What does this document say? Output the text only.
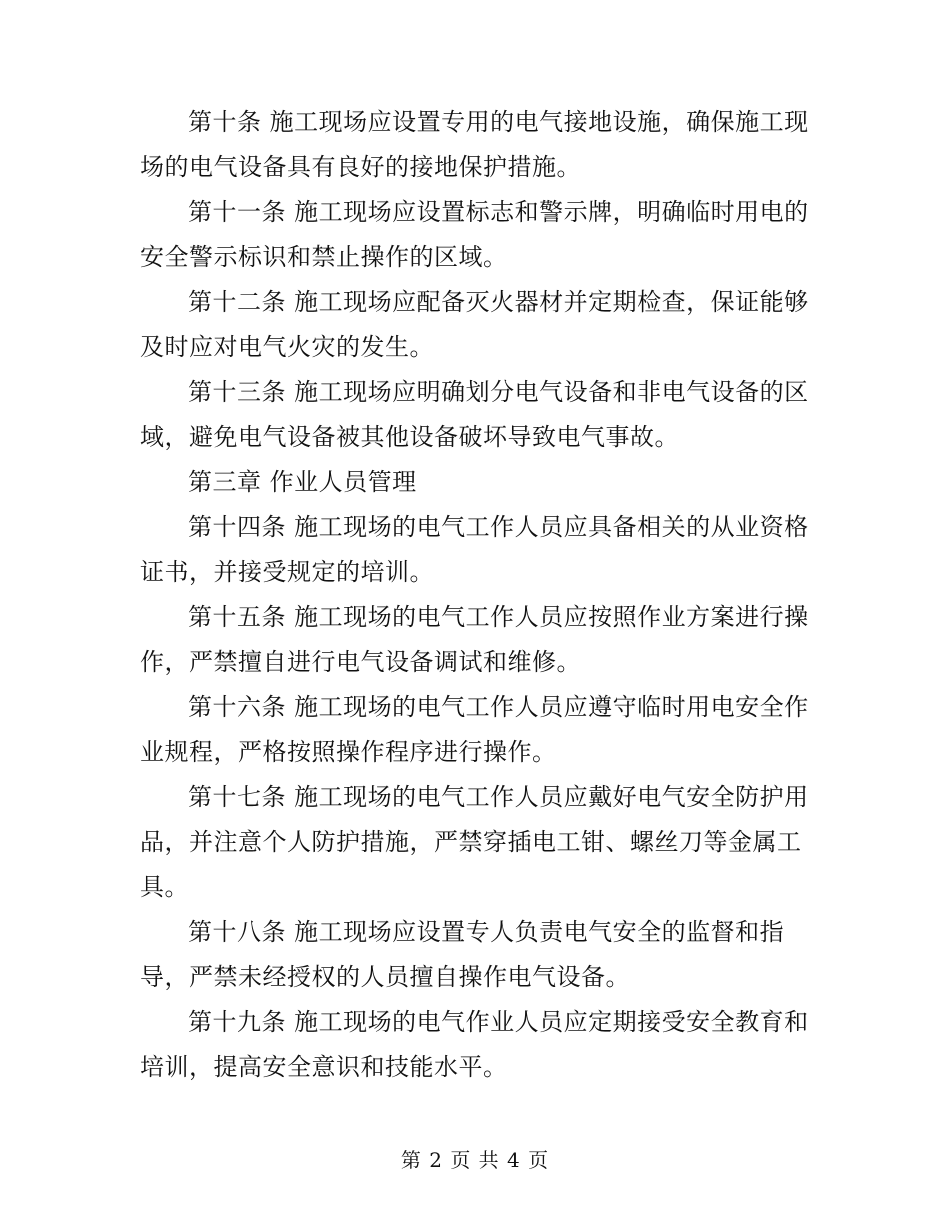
第十条 施工现场应设置专用的电气接地设施，确保施工现场的电气设备具有良好的接地保护措施。

第十一条 施工现场应设置标志和警示牌，明确临时用电的安全警示标识和禁止操作的区域。

第十二条 施工现场应配备灭火器材并定期检查，保证能够及时应对电气火灾的发生。

第十三条 施工现场应明确划分电气设备和非电气设备的区域，避免电气设备被其他设备破坏导致电气事故。

第三章 作业人员管理

第十四条 施工现场的电气工作人员应具备相关的从业资格证书，并接受规定的培训。

第十五条 施工现场的电气工作人员应按照作业方案进行操作，严禁擅自进行电气设备调试和维修。

第十六条 施工现场的电气工作人员应遵守临时用电安全作业规程，严格按照操作程序进行操作。

第十七条 施工现场的电气工作人员应戴好电气安全防护用品，并注意个人防护措施，严禁穿插电工钳、螺丝刀等金属工具。

第十八条 施工现场应设置专人负责电气安全的监督和指导，严禁未经授权的人员擅自操作电气设备。

第十九条 施工现场的电气作业人员应定期接受安全教育和培训，提高安全意识和技能水平。

第 2 页 共 4 页
